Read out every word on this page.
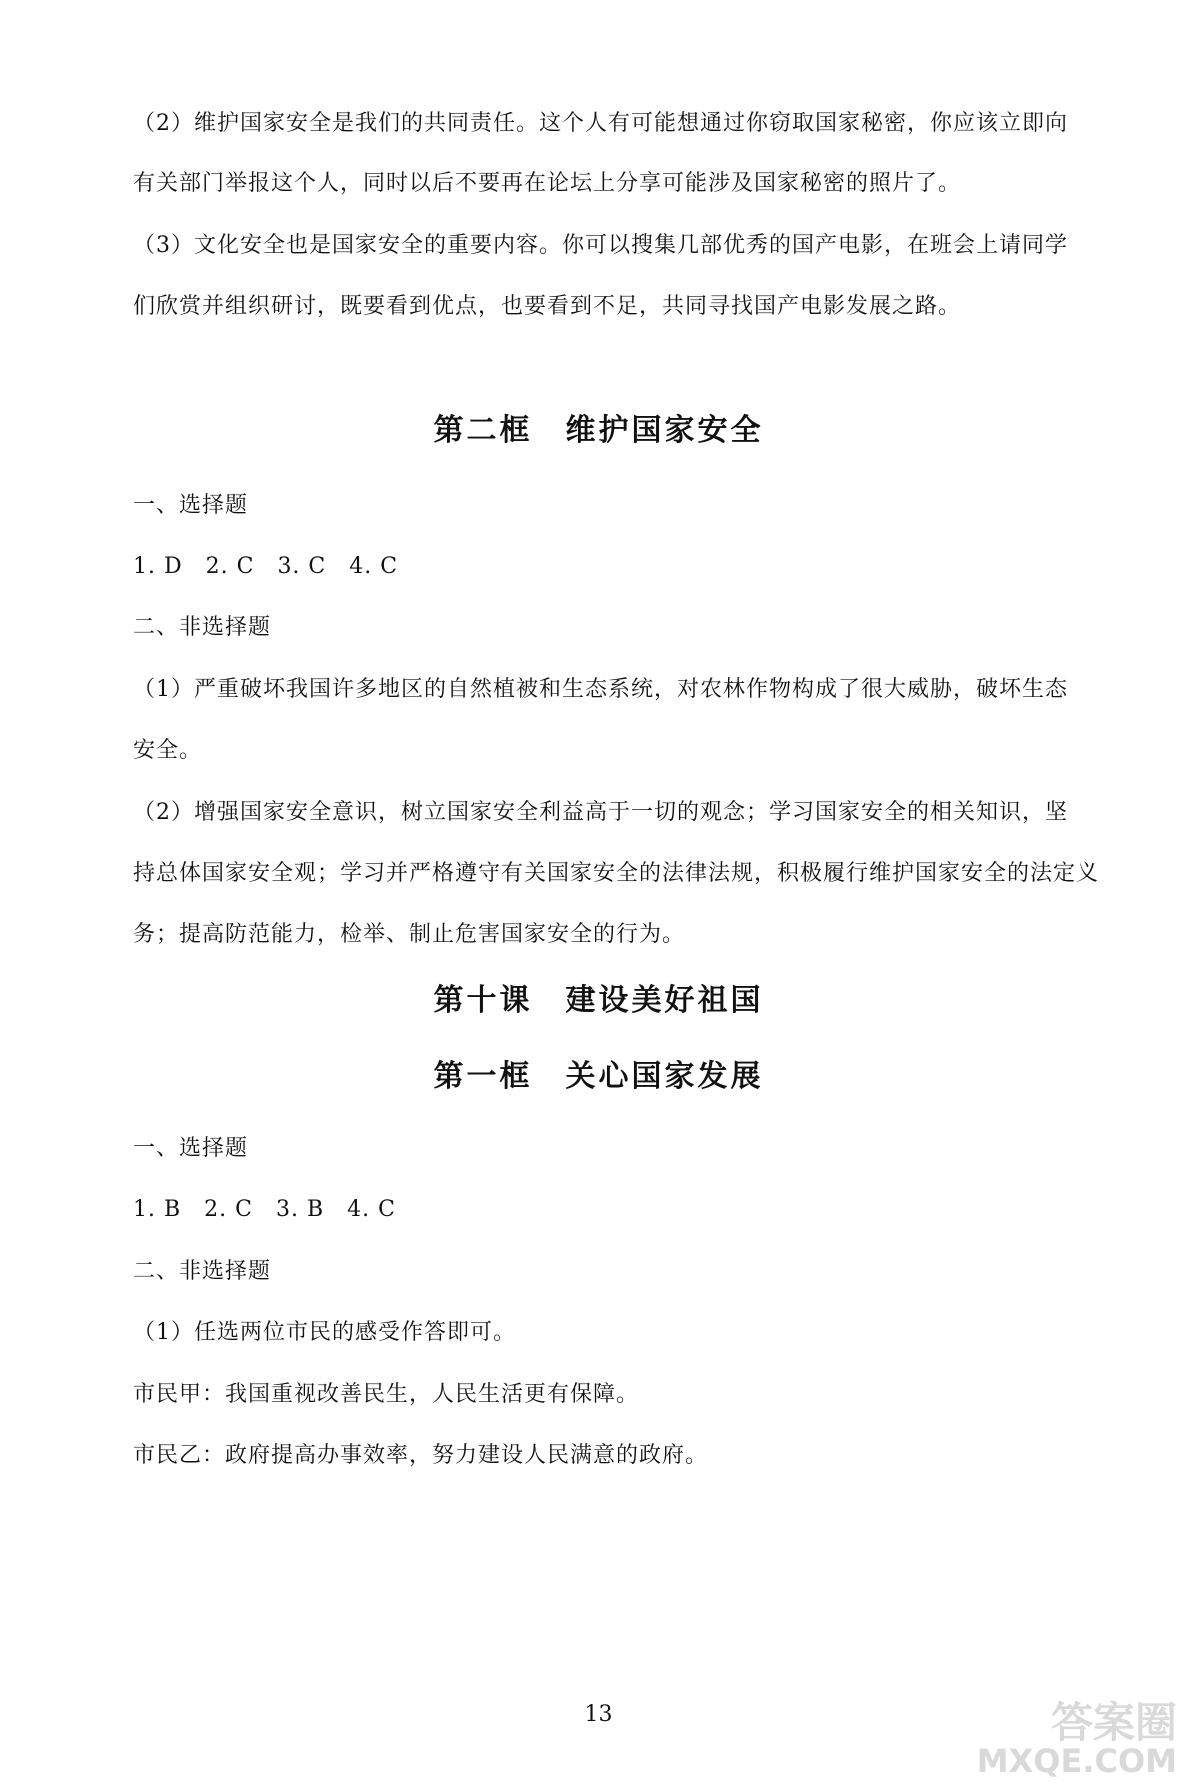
（2）维护国家安全是我们的共同责任。这个人有可能想通过你窃取国家秘密，你应该立即向
有关部门举报这个人，同时以后不要再在论坛上分享可能涉及国家秘密的照片了。
（3）文化安全也是国家安全的重要内容。你可以搜集几部优秀的国产电影，在班会上请同学
们欣赏并组织研讨，既要看到优点，也要看到不足，共同寻找国产电影发展之路。
第二框　维护国家安全
一、选择题
1. D　2. C　3. C　4. C
二、非选择题
（1）严重破坏我国许多地区的自然植被和生态系统，对农林作物构成了很大威胁，破坏生态
安全。
（2）增强国家安全意识，树立国家安全利益高于一切的观念；学习国家安全的相关知识，坚
持总体国家安全观；学习并严格遵守有关国家安全的法律法规，积极履行维护国家安全的法定义
务；提高防范能力，检举、制止危害国家安全的行为。
第十课　建设美好祖国
第一框　关心国家发展
一、选择题
1. B　2. C　3. B　4. C
二、非选择题
（1）任选两位市民的感受作答即可。
市民甲：我国重视改善民生，人民生活更有保障。
市民乙：政府提高办事效率，努力建设人民满意的政府。
13	答案圈
MXQE.COM
